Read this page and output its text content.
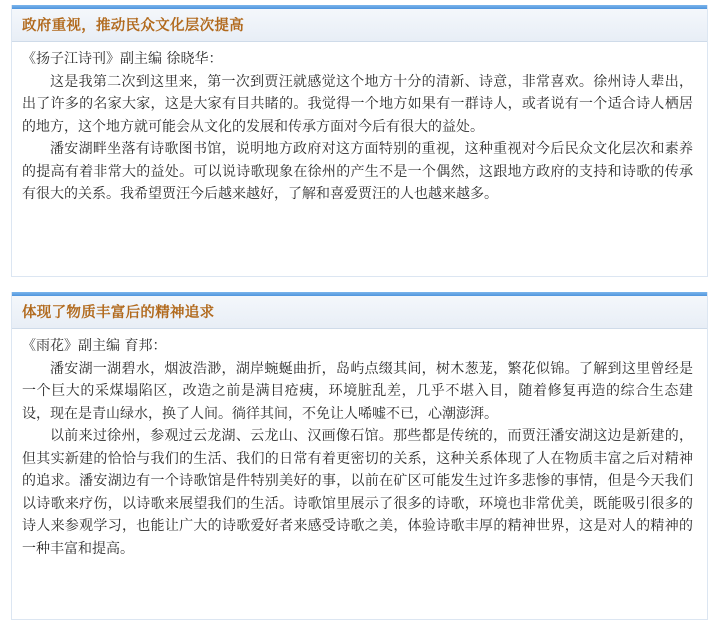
政府重视，推动民众文化层次提高

《扬子江诗刊》副主编 徐晓华：

这是我第二次到这里来，第一次到贾汪就感觉这个地方十分的清新、诗意，非常喜欢。徐州诗人辈出，出了许多的名家大家，这是大家有目共睹的。我觉得一个地方如果有一群诗人，或者说有一个适合诗人栖居的地方，这个地方就可能会从文化的发展和传承方面对今后有很大的益处。

潘安湖畔坐落有诗歌图书馆，说明地方政府对这方面特别的重视，这种重视对今后民众文化层次和素养的提高有着非常大的益处。可以说诗歌现象在徐州的产生不是一个偶然，这跟地方政府的支持和诗歌的传承有很大的关系。我希望贾汪今后越来越好，了解和喜爱贾汪的人也越来越多。

体现了物质丰富后的精神追求

《雨花》副主编 育邦：

潘安湖一湖碧水，烟波浩渺，湖岸蜿蜒曲折，岛屿点缀其间，树木葱茏，繁花似锦。了解到这里曾经是一个巨大的采煤塌陷区，改造之前是满目疮痍，环境脏乱差，几乎不堪入目，随着修复再造的综合生态建设，现在是青山绿水，换了人间。徜徉其间，不免让人唏嘘不已，心潮澎湃。

以前来过徐州，参观过云龙湖、云龙山、汉画像石馆。那些都是传统的，而贾汪潘安湖这边是新建的，但其实新建的恰恰与我们的生活、我们的日常有着更密切的关系，这种关系体现了人在物质丰富之后对精神的追求。潘安湖边有一个诗歌馆是件特别美好的事，以前在矿区可能发生过许多悲惨的事情，但是今天我们以诗歌来疗伤，以诗歌来展望我们的生活。诗歌馆里展示了很多的诗歌，环境也非常优美，既能吸引很多的诗人来参观学习，也能让广大的诗歌爱好者来感受诗歌之美，体验诗歌丰厚的精神世界，这是对人的精神的一种丰富和提高。
